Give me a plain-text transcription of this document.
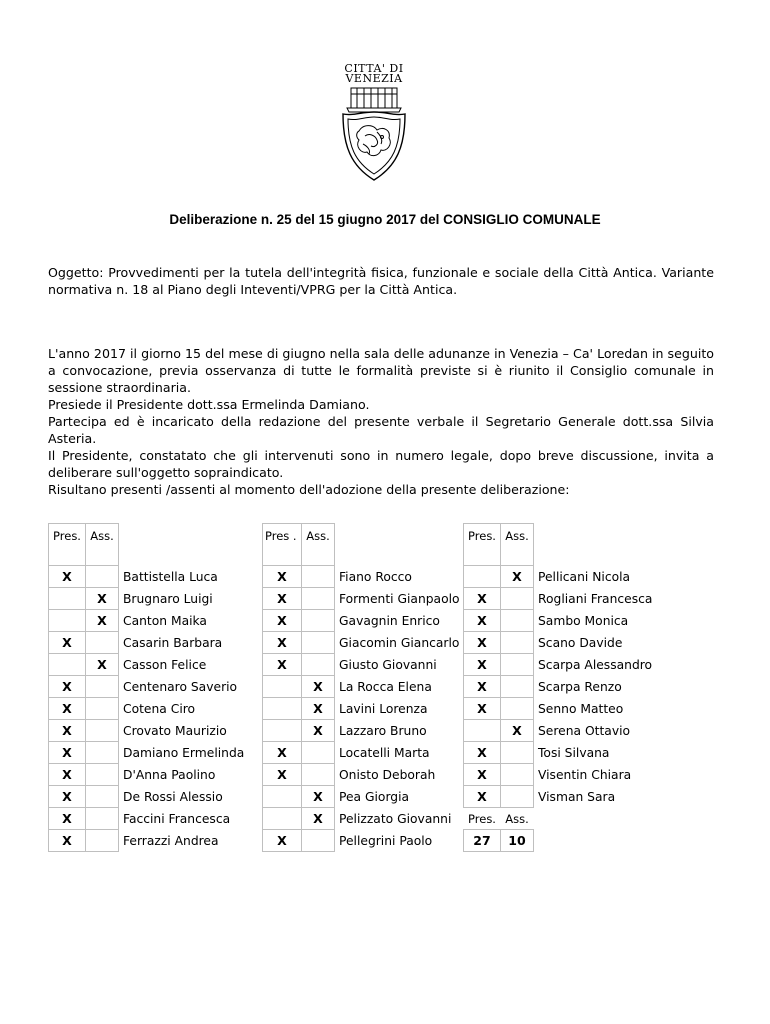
CITTA' DI
VENEZIA
Deliberazione n. 25 del 15 giugno 2017 del CONSIGLIO COMUNALE
Oggetto: Provvedimenti per la tutela dell'integrità fisica, funzionale e sociale della Città Antica. Variante normativa n. 18 al Piano degli Inteventi/VPRG per la Città Antica.

L'anno 2017 il giorno 15 del mese di giugno nella sala delle adunanze in Venezia – Ca' Loredan in seguito a convocazione, previa osservanza di tutte le formalità previste si è riunito il Consiglio comunale in sessione straordinaria.

Presiede il Presidente dott.ssa Ermelinda Damiano.

Partecipa ed è incaricato della redazione del presente verbale il Segretario Generale dott.ssa Silvia Asteria.

Il Presidente, constatato che gli intervenuti sono in numero legale, dopo breve discussione, invita a deliberare sull'oggetto sopraindicato.

Risultano presenti /assenti al momento dell'adozione della presente deliberazione:

Pres.	Ass.	
X		Battistella Luca
	X	Brugnaro Luigi
	X	Canton Maika
X		Casarin Barbara
	X	Casson Felice
X		Centenaro Saverio
X		Cotena Ciro
X		Crovato Maurizio
X		Damiano Ermelinda
X		D'Anna Paolino
X		De Rossi Alessio
X		Faccini Francesca
X		Ferrazzi Andrea
Pres .	Ass.	
X		Fiano Rocco
X		Formenti Gianpaolo
X		Gavagnin Enrico
X		Giacomin Giancarlo
X		Giusto Giovanni
	X	La Rocca Elena
	X	Lavini Lorenza
	X	Lazzaro Bruno
X		Locatelli Marta
X		Onisto Deborah
	X	Pea Giorgia
	X	Pelizzato Giovanni
X		Pellegrini Paolo
Pres.	Ass.	
	X	Pellicani Nicola
X		Rogliani Francesca
X		Sambo Monica
X		Scano Davide
X		Scarpa Alessandro
X		Scarpa Renzo
X		Senno Matteo
	X	Serena Ottavio
X		Tosi Silvana
X		Visentin Chiara
X		Visman Sara
Pres.	Ass.	
27	10	
